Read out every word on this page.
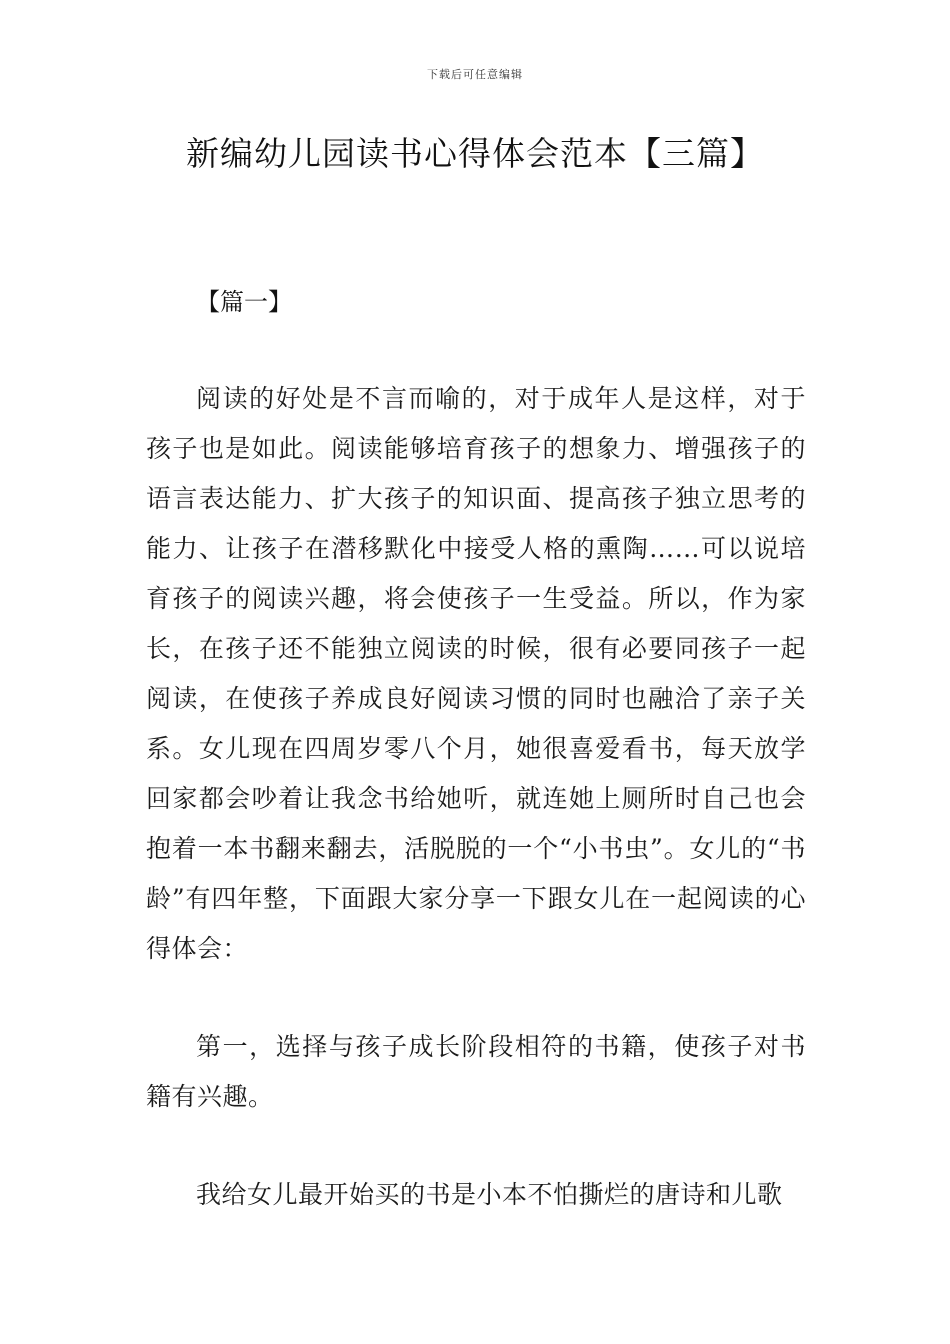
下载后可任意编辑
新编幼儿园读书心得体会范本【三篇】
【篇一】

阅读的好处是不言而喻的，对于成年人是这样，对于孩子也是如此。阅读能够培育孩子的想象力、增强孩子的语言表达能力、扩大孩子的知识面、提高孩子独立思考的能力、让孩子在潜移默化中接受人格的熏陶……可以说培育孩子的阅读兴趣，将会使孩子一生受益。所以，作为家长，在孩子还不能独立阅读的时候，很有必要同孩子一起阅读，在使孩子养成良好阅读习惯的同时也融洽了亲子关系。女儿现在四周岁零八个月，她很喜爱看书，每天放学回家都会吵着让我念书给她听，就连她上厕所时自己也会抱着一本书翻来翻去，活脱脱的一个“小书虫”。女儿的“书龄”有四年整，下面跟大家分享一下跟女儿在一起阅读的心得体会：

第一，选择与孩子成长阶段相符的书籍，使孩子对书籍有兴趣。

我给女儿最开始买的书是小本不怕撕烂的唐诗和儿歌
